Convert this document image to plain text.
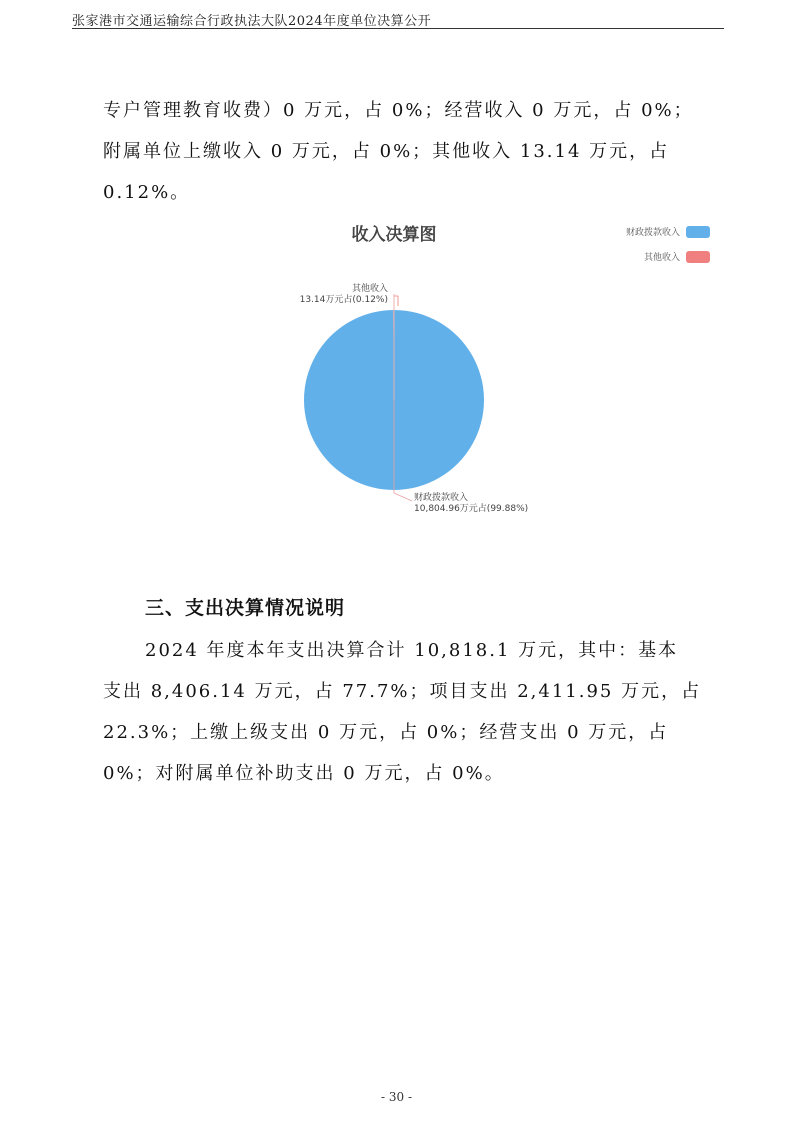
张家港市交通运输综合行政执法大队2024年度单位决算公开
专户管理教育收费）0 万元，占 0%；经营收入 0 万元，占 0%；
附属单位上缴收入 0 万元，占 0%；其他收入 13.14 万元，占
0.12%。
收入决算图	财政拨款收入
其他收入
其他收入
13.14万元占(0.12%)
财政拨款收入
10,804.96万元占(99.88%)
三、支出决算情况说明
2024 年度本年支出决算合计 10,818.1 万元，其中：基本
支出 8,406.14 万元，占 77.7%；项目支出 2,411.95 万元，占
22.3%；上缴上级支出 0 万元，占 0%；经营支出 0 万元，占
0%；对附属单位补助支出 0 万元，占 0%。
- 30 -
